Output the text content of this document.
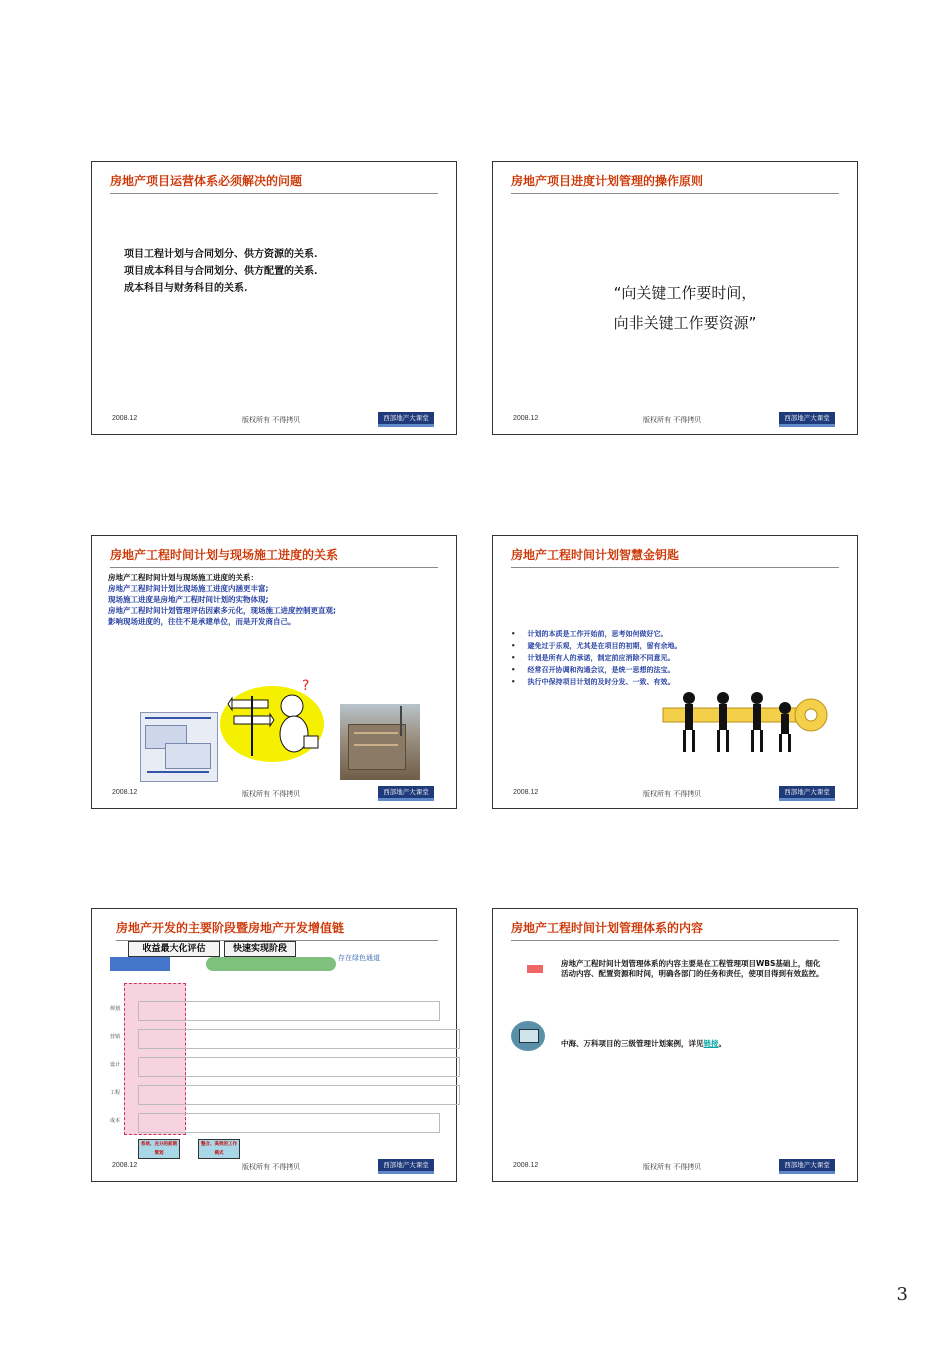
房地产项目运营体系必须解决的问题
项目工程计划与合同划分、供方资源的关系.
项目成本科目与合同划分、供方配置的关系.
成本科目与财务科目的关系.
2008.12	版权所有 不得拷贝	西部地产大课堂
房地产项目进度计划管理的操作原则
“向关键工作要时间，
向非关键工作要资源”
2008.12	版权所有 不得拷贝	西部地产大课堂
房地产工程时间计划与现场施工进度的关系
房地产工程时间计划与现场施工进度的关系：
房地产工程时间计划比现场施工进度内涵更丰富;
现场施工进度是房地产工程时间计划的实物体现;
房地产工程时间计划管理评估因素多元化，现场施工进度控制更直观;
影响现场进度的，往往不是承建单位，而是开发商自己。
?
2008.12	版权所有 不得拷贝	西部地产大课堂
房地产工程时间计划智慧金钥匙
• 计划的本质是工作开始前，思考如何做好它。
• 避免过于乐观，尤其是在项目的初期，留有余地。
• 计划是所有人的承诺，制定前应消除不同意见。
• 经常召开协调和沟通会议，是统一思想的法宝。
• 执行中保持项目计划的及时分发、一致、有效。
2008.12	版权所有 不得拷贝	西部地产大课堂
房地产开发的主要阶段暨房地产开发增值链
收益最大化评估	快速实现阶段
存在绿色通道
规划
营销
设计
工程
成本
系统、充分的前期策划
整合、高效的工作模式
2008.12	版权所有 不得拷贝	西部地产大课堂
房地产工程时间计划管理体系的内容
房地产工程时间计划管理体系的内容主要是在工程管理项目WBS基础上，细化活动内容、配置资源和时间，明确各部门的任务和责任，使项目得到有效监控。
中海、万科项目的三级管理计划案例，详见链接。
2008.12	版权所有 不得拷贝	西部地产大课堂
3
